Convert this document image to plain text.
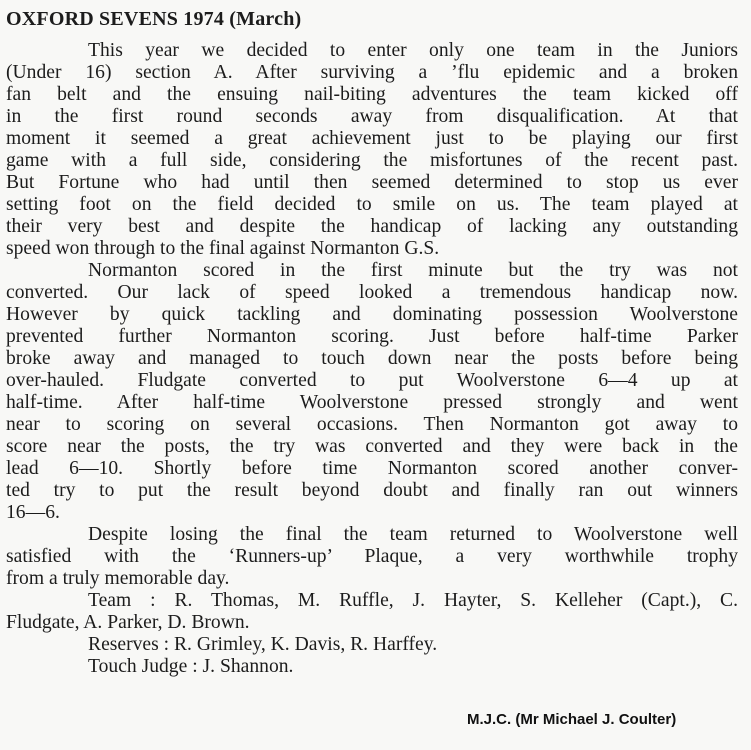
OXFORD SEVENS 1974 (March)
This year we decided to enter only one team in the Juniors
(Under 16) section A. After surviving a ’flu epidemic and a broken
fan belt and the ensuing nail-biting adventures the team kicked off
in the first round seconds away from disqualification. At that
moment it seemed a great achievement just to be playing our first
game with a full side, considering the misfortunes of the recent past.
But Fortune who had until then seemed determined to stop us ever
setting foot on the field decided to smile on us. The team played at
their very best and despite the handicap of lacking any outstanding
speed won through to the final against Normanton G.S.
Normanton scored in the first minute but the try was not
converted. Our lack of speed looked a tremendous handicap now.
However by quick tackling and dominating possession Woolverstone
prevented further Normanton scoring. Just before half-time Parker
broke away and managed to touch down near the posts before being
over-hauled. Fludgate converted to put Woolverstone 6—4 up at
half-time. After half-time Woolverstone pressed strongly and went
near to scoring on several occasions. Then Normanton got away to
score near the posts, the try was converted and they were back in the
lead 6—10. Shortly before time Normanton scored another conver-
ted try to put the result beyond doubt and finally ran out winners
16—6.
Despite losing the final the team returned to Woolverstone well
satisfied with the ‘Runners-up’ Plaque, a very worthwhile trophy
from a truly memorable day.
Team : R. Thomas, M. Ruffle, J. Hayter, S. Kelleher (Capt.), C.
Fludgate, A. Parker, D. Brown.
Reserves : R. Grimley, K. Davis, R. Harffey.
Touch Judge : J. Shannon.
M.J.C. (Mr Michael J. Coulter)
